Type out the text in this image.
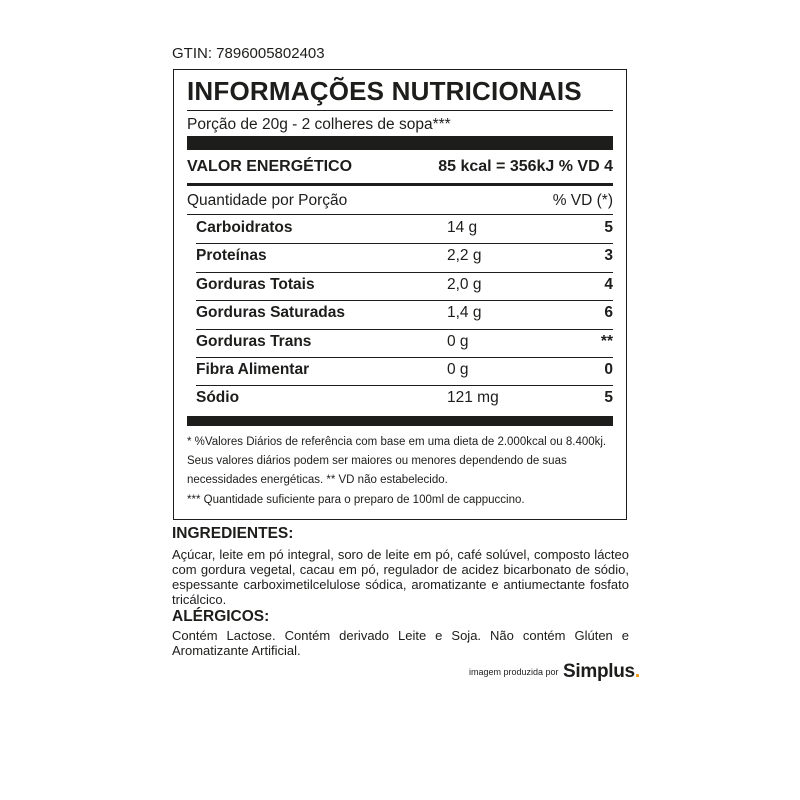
GTIN: 7896005802403
INFORMAÇÕES NUTRICIONAIS
Porção de 20g - 2 colheres de sopa***
VALOR ENERGÉTICO	85 kcal = 356kJ % VD 4
Quantidade por Porção	% VD (*)
Carboidratos	14 g	5
Proteínas	2,2 g	3
Gorduras Totais	2,0 g	4
Gorduras Saturadas	1,4 g	6
Gorduras Trans	0 g	**
Fibra Alimentar	0 g	0
Sódio	121 mg	5
* %Valores Diários de referência com base em uma dieta de 2.000kcal ou 8.400kj. Seus valores diários podem ser maiores ou menores dependendo de suas necessidades energéticas. ** VD não estabelecido.
*** Quantidade suficiente para o preparo de 100ml de cappuccino.
INGREDIENTES:
Açúcar, leite em pó integral, soro de leite em pó, café solúvel, composto lácteo com gordura vegetal, cacau em pó, regulador de acidez bicarbonato de sódio, espessante carboximetilcelulose sódica, aromatizante e antiumectante fosfato tricálcico.
ALÉRGICOS:
Contém Lactose. Contém derivado Leite e Soja. Não contém Glúten e Aromatizante Artificial.
imagem produzida por Simplus.
